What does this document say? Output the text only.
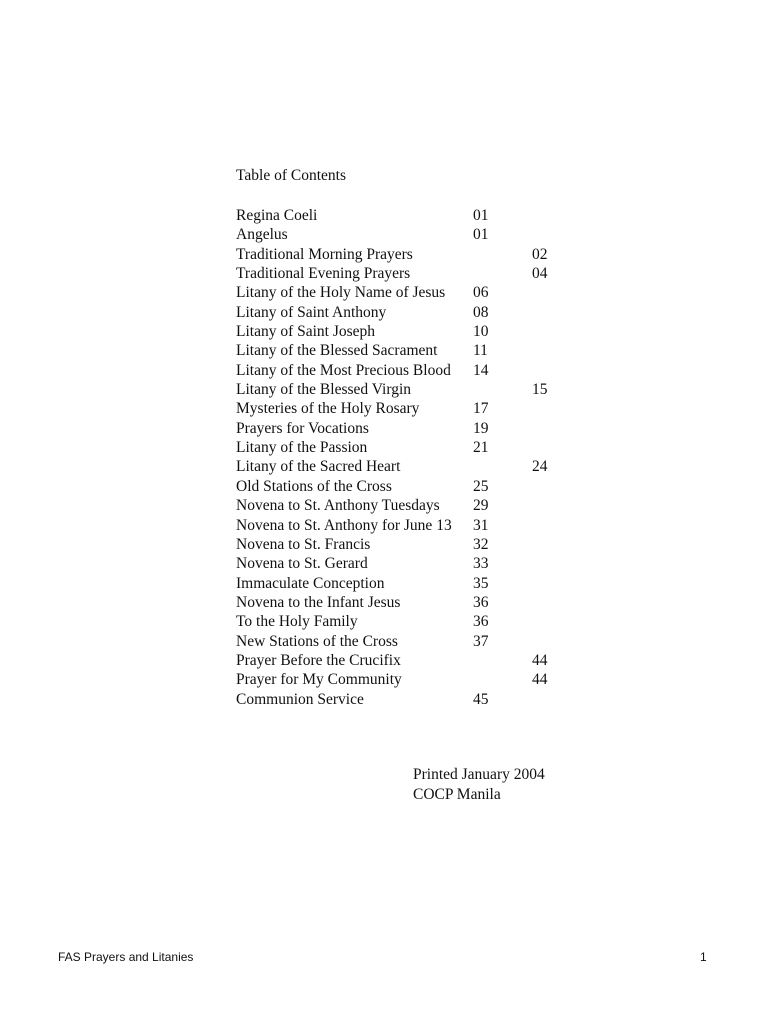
Table of Contents
Regina Coeli	01
Angelus	01
Traditional Morning Prayers	02
Traditional Evening Prayers	04
Litany of the Holy Name of Jesus 06
Litany of Saint Anthony	08
Litany of Saint Joseph	10
Litany of the Blessed Sacrament 11
Litany of the Most Precious Blood 14
Litany of the Blessed Virgin	15
Mysteries of the Holy Rosary	17
Prayers for Vocations	19
Litany of the Passion	21
Litany of the Sacred Heart	24
Old Stations of the Cross	25
Novena to St. Anthony Tuesdays 29
Novena to St. Anthony for June 13 31
Novena to St. Francis	32
Novena to St. Gerard	33
Immaculate Conception	35
Novena to the Infant Jesus	36
To the Holy Family	36
New Stations of the Cross	37
Prayer Before the Crucifix	44
Prayer for My Community	44
Communion Service	45
Printed January 2004
COCP Manila
FAS Prayers and Litanies	1
